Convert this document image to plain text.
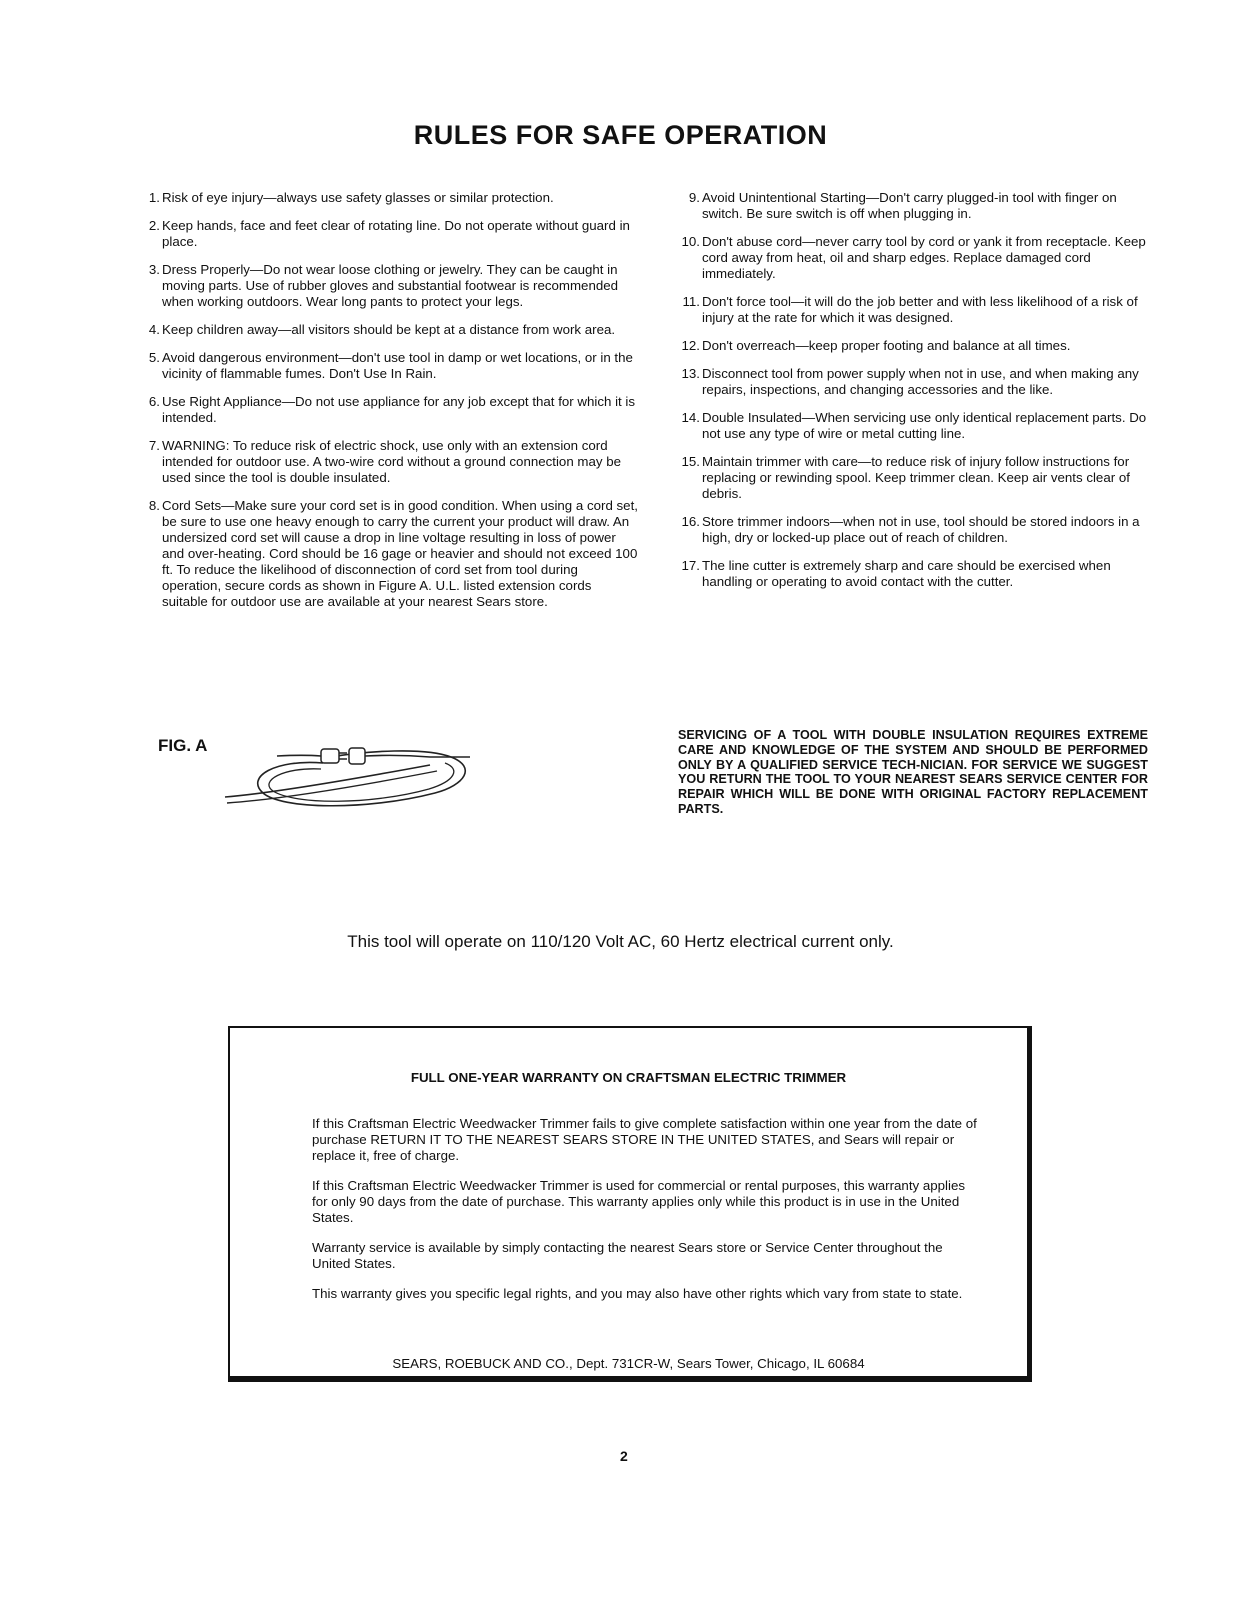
RULES FOR SAFE OPERATION
1. Risk of eye injury—always use safety glasses or similar protection.
2. Keep hands, face and feet clear of rotating line. Do not operate without guard in place.
3. Dress Properly—Do not wear loose clothing or jewelry. They can be caught in moving parts. Use of rubber gloves and substantial footwear is recommended when working outdoors. Wear long pants to protect your legs.
4. Keep children away—all visitors should be kept at a distance from work area.
5. Avoid dangerous environment—don't use tool in damp or wet locations, or in the vicinity of flammable fumes. Don't Use In Rain.
6. Use Right Appliance—Do not use appliance for any job except that for which it is intended.
7. WARNING: To reduce risk of electric shock, use only with an extension cord intended for outdoor use. A two-wire cord without a ground connection may be used since the tool is double insulated.
8. Cord Sets—Make sure your cord set is in good condition. When using a cord set, be sure to use one heavy enough to carry the current your product will draw. An undersized cord set will cause a drop in line voltage resulting in loss of power and over-heating. Cord should be 16 gage or heavier and should not exceed 100 ft. To reduce the likelihood of disconnection of cord set from tool during operation, secure cords as shown in Figure A. U.L. listed extension cords suitable for outdoor use are available at your nearest Sears store.
9. Avoid Unintentional Starting—Don't carry plugged-in tool with finger on switch. Be sure switch is off when plugging in.
10. Don't abuse cord—never carry tool by cord or yank it from receptacle. Keep cord away from heat, oil and sharp edges. Replace damaged cord immediately.
11. Don't force tool—it will do the job better and with less likelihood of a risk of injury at the rate for which it was designed.
12. Don't overreach—keep proper footing and balance at all times.
13. Disconnect tool from power supply when not in use, and when making any repairs, inspections, and changing accessories and the like.
14. Double Insulated—When servicing use only identical replacement parts. Do not use any type of wire or metal cutting line.
15. Maintain trimmer with care—to reduce risk of injury follow instructions for replacing or rewinding spool. Keep trimmer clean. Keep air vents clear of debris.
16. Store trimmer indoors—when not in use, tool should be stored indoors in a high, dry or locked-up place out of reach of children.
17. The line cutter is extremely sharp and care should be exercised when handling or operating to avoid contact with the cutter.
FIG. A
SERVICING OF A TOOL WITH DOUBLE INSULATION REQUIRES EXTREME CARE AND KNOWLEDGE OF THE SYSTEM AND SHOULD BE PERFORMED ONLY BY A QUALIFIED SERVICE TECH-NICIAN. FOR SERVICE WE SUGGEST YOU RETURN THE TOOL TO YOUR NEAREST SEARS SERVICE CENTER FOR REPAIR WHICH WILL BE DONE WITH ORIGINAL FACTORY REPLACEMENT PARTS.
This tool will operate on 110/120 Volt AC, 60 Hertz electrical current only.
FULL ONE-YEAR WARRANTY ON CRAFTSMAN ELECTRIC TRIMMER

If this Craftsman Electric Weedwacker Trimmer fails to give complete satisfaction within one year from the date of purchase RETURN IT TO THE NEAREST SEARS STORE IN THE UNITED STATES, and Sears will repair or replace it, free of charge.

If this Craftsman Electric Weedwacker Trimmer is used for commercial or rental purposes, this warranty applies for only 90 days from the date of purchase. This warranty applies only while this product is in use in the United States.

Warranty service is available by simply contacting the nearest Sears store or Service Center throughout the United States.

This warranty gives you specific legal rights, and you may also have other rights which vary from state to state.

SEARS, ROEBUCK AND CO., Dept. 731CR-W, Sears Tower, Chicago, IL 60684
2
